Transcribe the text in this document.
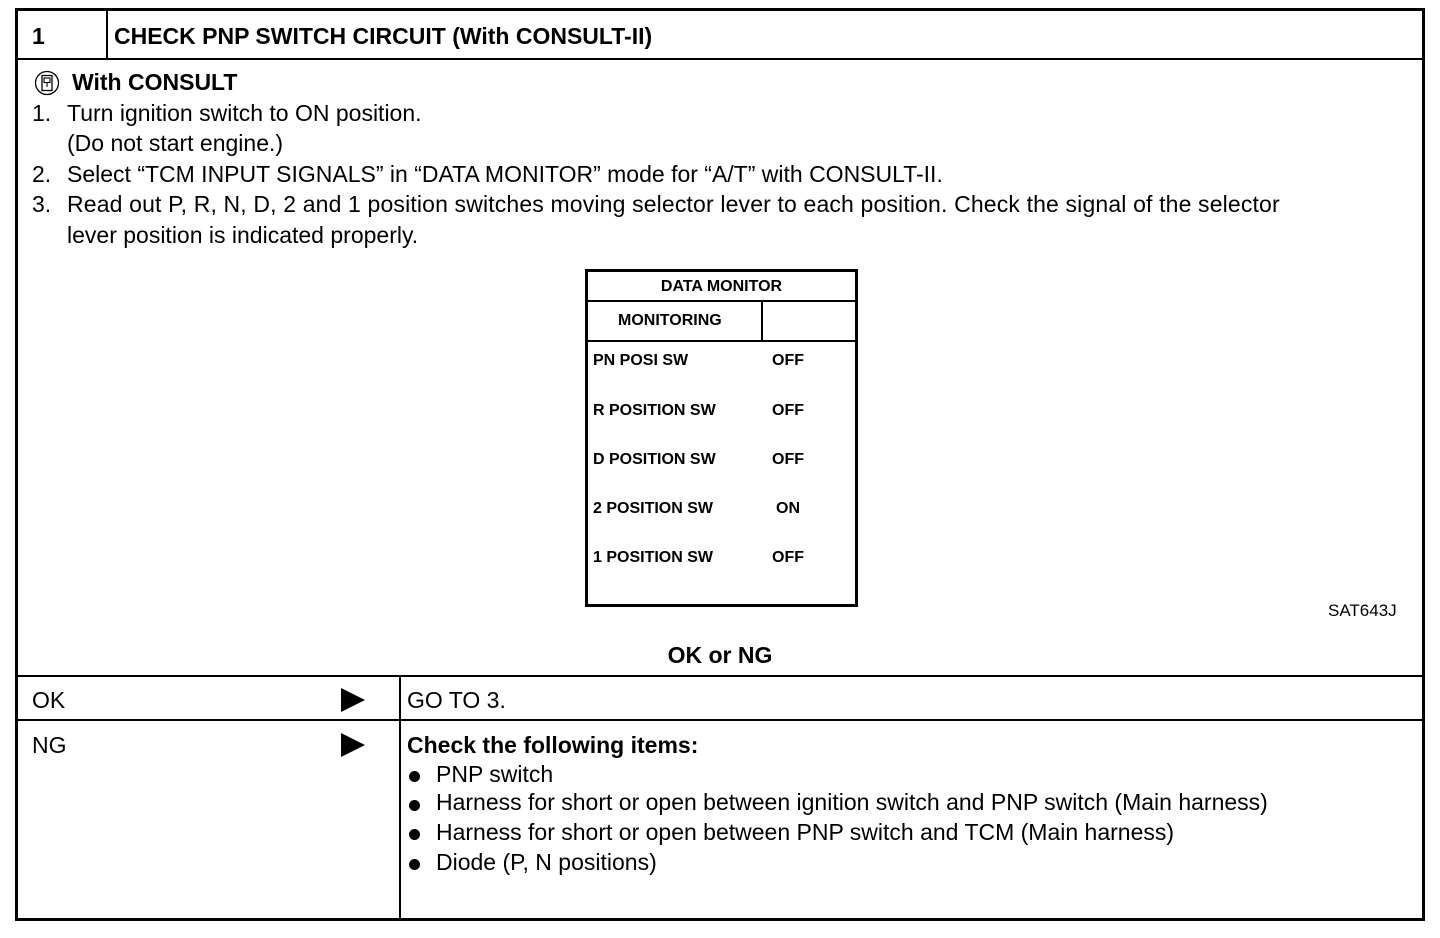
1	CHECK PNP SWITCH CIRCUIT (With CONSULT-II)
With CONSULT
1. Turn ignition switch to ON position.
(Do not start engine.)
2. Select “TCM INPUT SIGNALS” in “DATA MONITOR” mode for “A/T” with CONSULT-II.
3. Read out P, R, N, D, 2 and 1 position switches moving selector lever to each position. Check the signal of the selector
lever position is indicated properly.
DATA MONITOR
MONITORING
PN POSI SW	OFF
R POSITION SW	OFF
D POSITION SW	OFF
2 POSITION SW	ON
1 POSITION SW	OFF
SAT643J
OK or NG
OK	GO TO 3.
NG	Check the following items:
PNP switch
Harness for short or open between ignition switch and PNP switch (Main harness)
Harness for short or open between PNP switch and TCM (Main harness)
Diode (P, N positions)
